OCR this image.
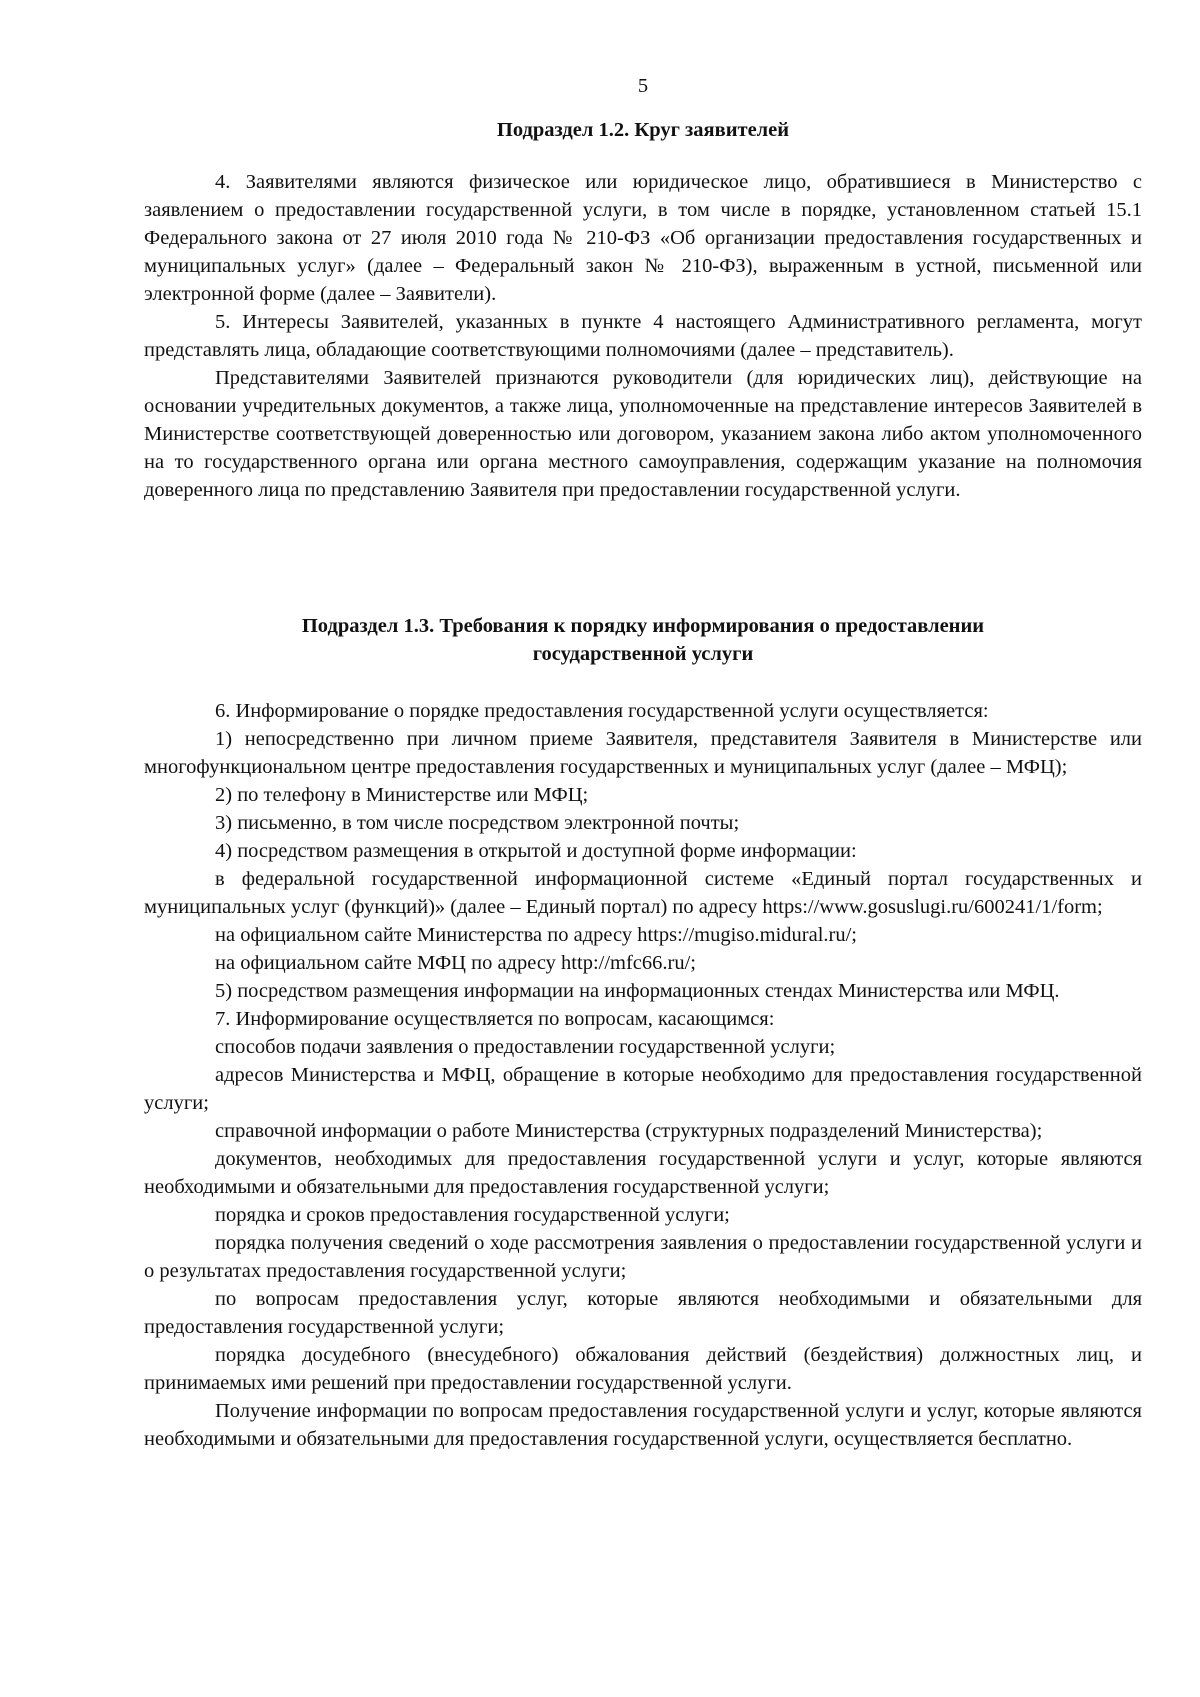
5
Подраздел 1.2. Круг заявителей

4. Заявителями являются физическое или юридическое лицо, обратившиеся в Министерство с заявлением о предоставлении государственной услуги, в том числе в порядке, установленном статьей 15.1 Федерального закона от 27 июля 2010 года № 210-ФЗ «Об организации предоставления государственных и муниципальных услуг» (далее – Федеральный закон № 210-ФЗ), выраженным в устной, письменной или электронной форме (далее – Заявители).

5. Интересы Заявителей, указанных в пункте 4 настоящего Административного регламента, могут представлять лица, обладающие соответствующими полномочиями (далее – представитель).

Представителями Заявителей признаются руководители (для юридических лиц), действующие на основании учредительных документов, а также лица, уполномоченные на представление интересов Заявителей в Министерстве соответствующей доверенностью или договором, указанием закона либо актом уполномоченного на то государственного органа или органа местного самоуправления, содержащим указание на полномочия доверенного лица по представлению Заявителя при предоставлении государственной услуги.

Подраздел 1.3. Требования к порядку информирования о предоставлении
государственной услуги

6. Информирование о порядке предоставления государственной услуги осуществляется:

1) непосредственно при личном приеме Заявителя, представителя Заявителя в Министерстве или многофункциональном центре предоставления государственных и муниципальных услуг (далее – МФЦ);

2) по телефону в Министерстве или МФЦ;

3) письменно, в том числе посредством электронной почты;

4) посредством размещения в открытой и доступной форме информации:

в федеральной государственной информационной системе «Единый портал государственных и муниципальных услуг (функций)» (далее – Единый портал) по адресу https://www.gosuslugi.ru/600241/1/form;

на официальном сайте Министерства по адресу https://mugiso.midural.ru/;

на официальном сайте МФЦ по адресу http://mfc66.ru/;

5) посредством размещения информации на информационных стендах Министерства или МФЦ.

7. Информирование осуществляется по вопросам, касающимся:

способов подачи заявления о предоставлении государственной услуги;

адресов Министерства и МФЦ, обращение в которые необходимо для предоставления государственной услуги;

справочной информации о работе Министерства (структурных подразделений Министерства);

документов, необходимых для предоставления государственной услуги и услуг, которые являются необходимыми и обязательными для предоставления государственной услуги;

порядка и сроков предоставления государственной услуги;

порядка получения сведений о ходе рассмотрения заявления о предоставлении государственной услуги и о результатах предоставления государственной услуги;

по вопросам предоставления услуг, которые являются необходимыми и обязательными для предоставления государственной услуги;

порядка досудебного (внесудебного) обжалования действий (бездействия) должностных лиц, и принимаемых ими решений при предоставлении государственной услуги.

Получение информации по вопросам предоставления государственной услуги и услуг, которые являются необходимыми и обязательными для предоставления государственной услуги, осуществляется бесплатно.
